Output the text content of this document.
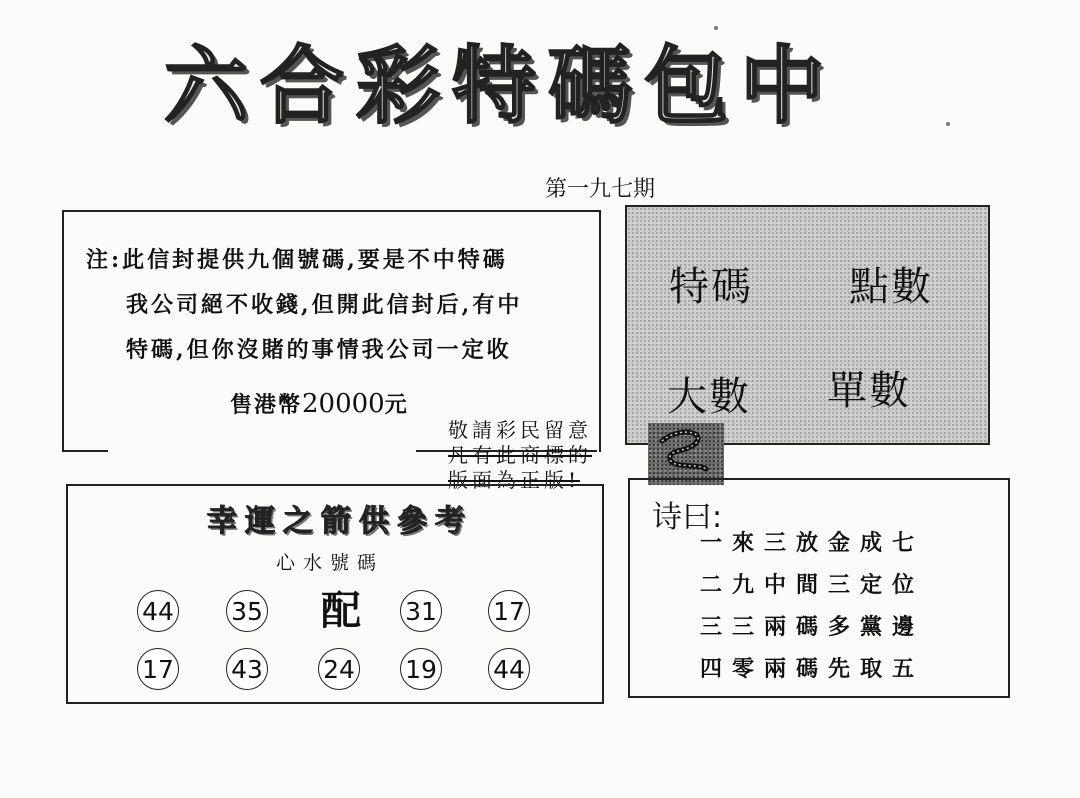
六合彩特碼包中
第一九七期
注:此信封提供九個號碼,要是不中特碼
我公司絕不收錢,但開此信封后,有中
特碼,但你沒賭的事情我公司一定收
售港幣20000元
特碼 點數
大數 單數
敬請彩民留意
凡有此商標的
版面為正版!
幸運之箭供參考
心水號碼
44 35 配 31 17
17 43 24 19 44
诗曰:
一來三放金成七
二九中間三定位
三三兩碼多黨邊
四零兩碼先取五
